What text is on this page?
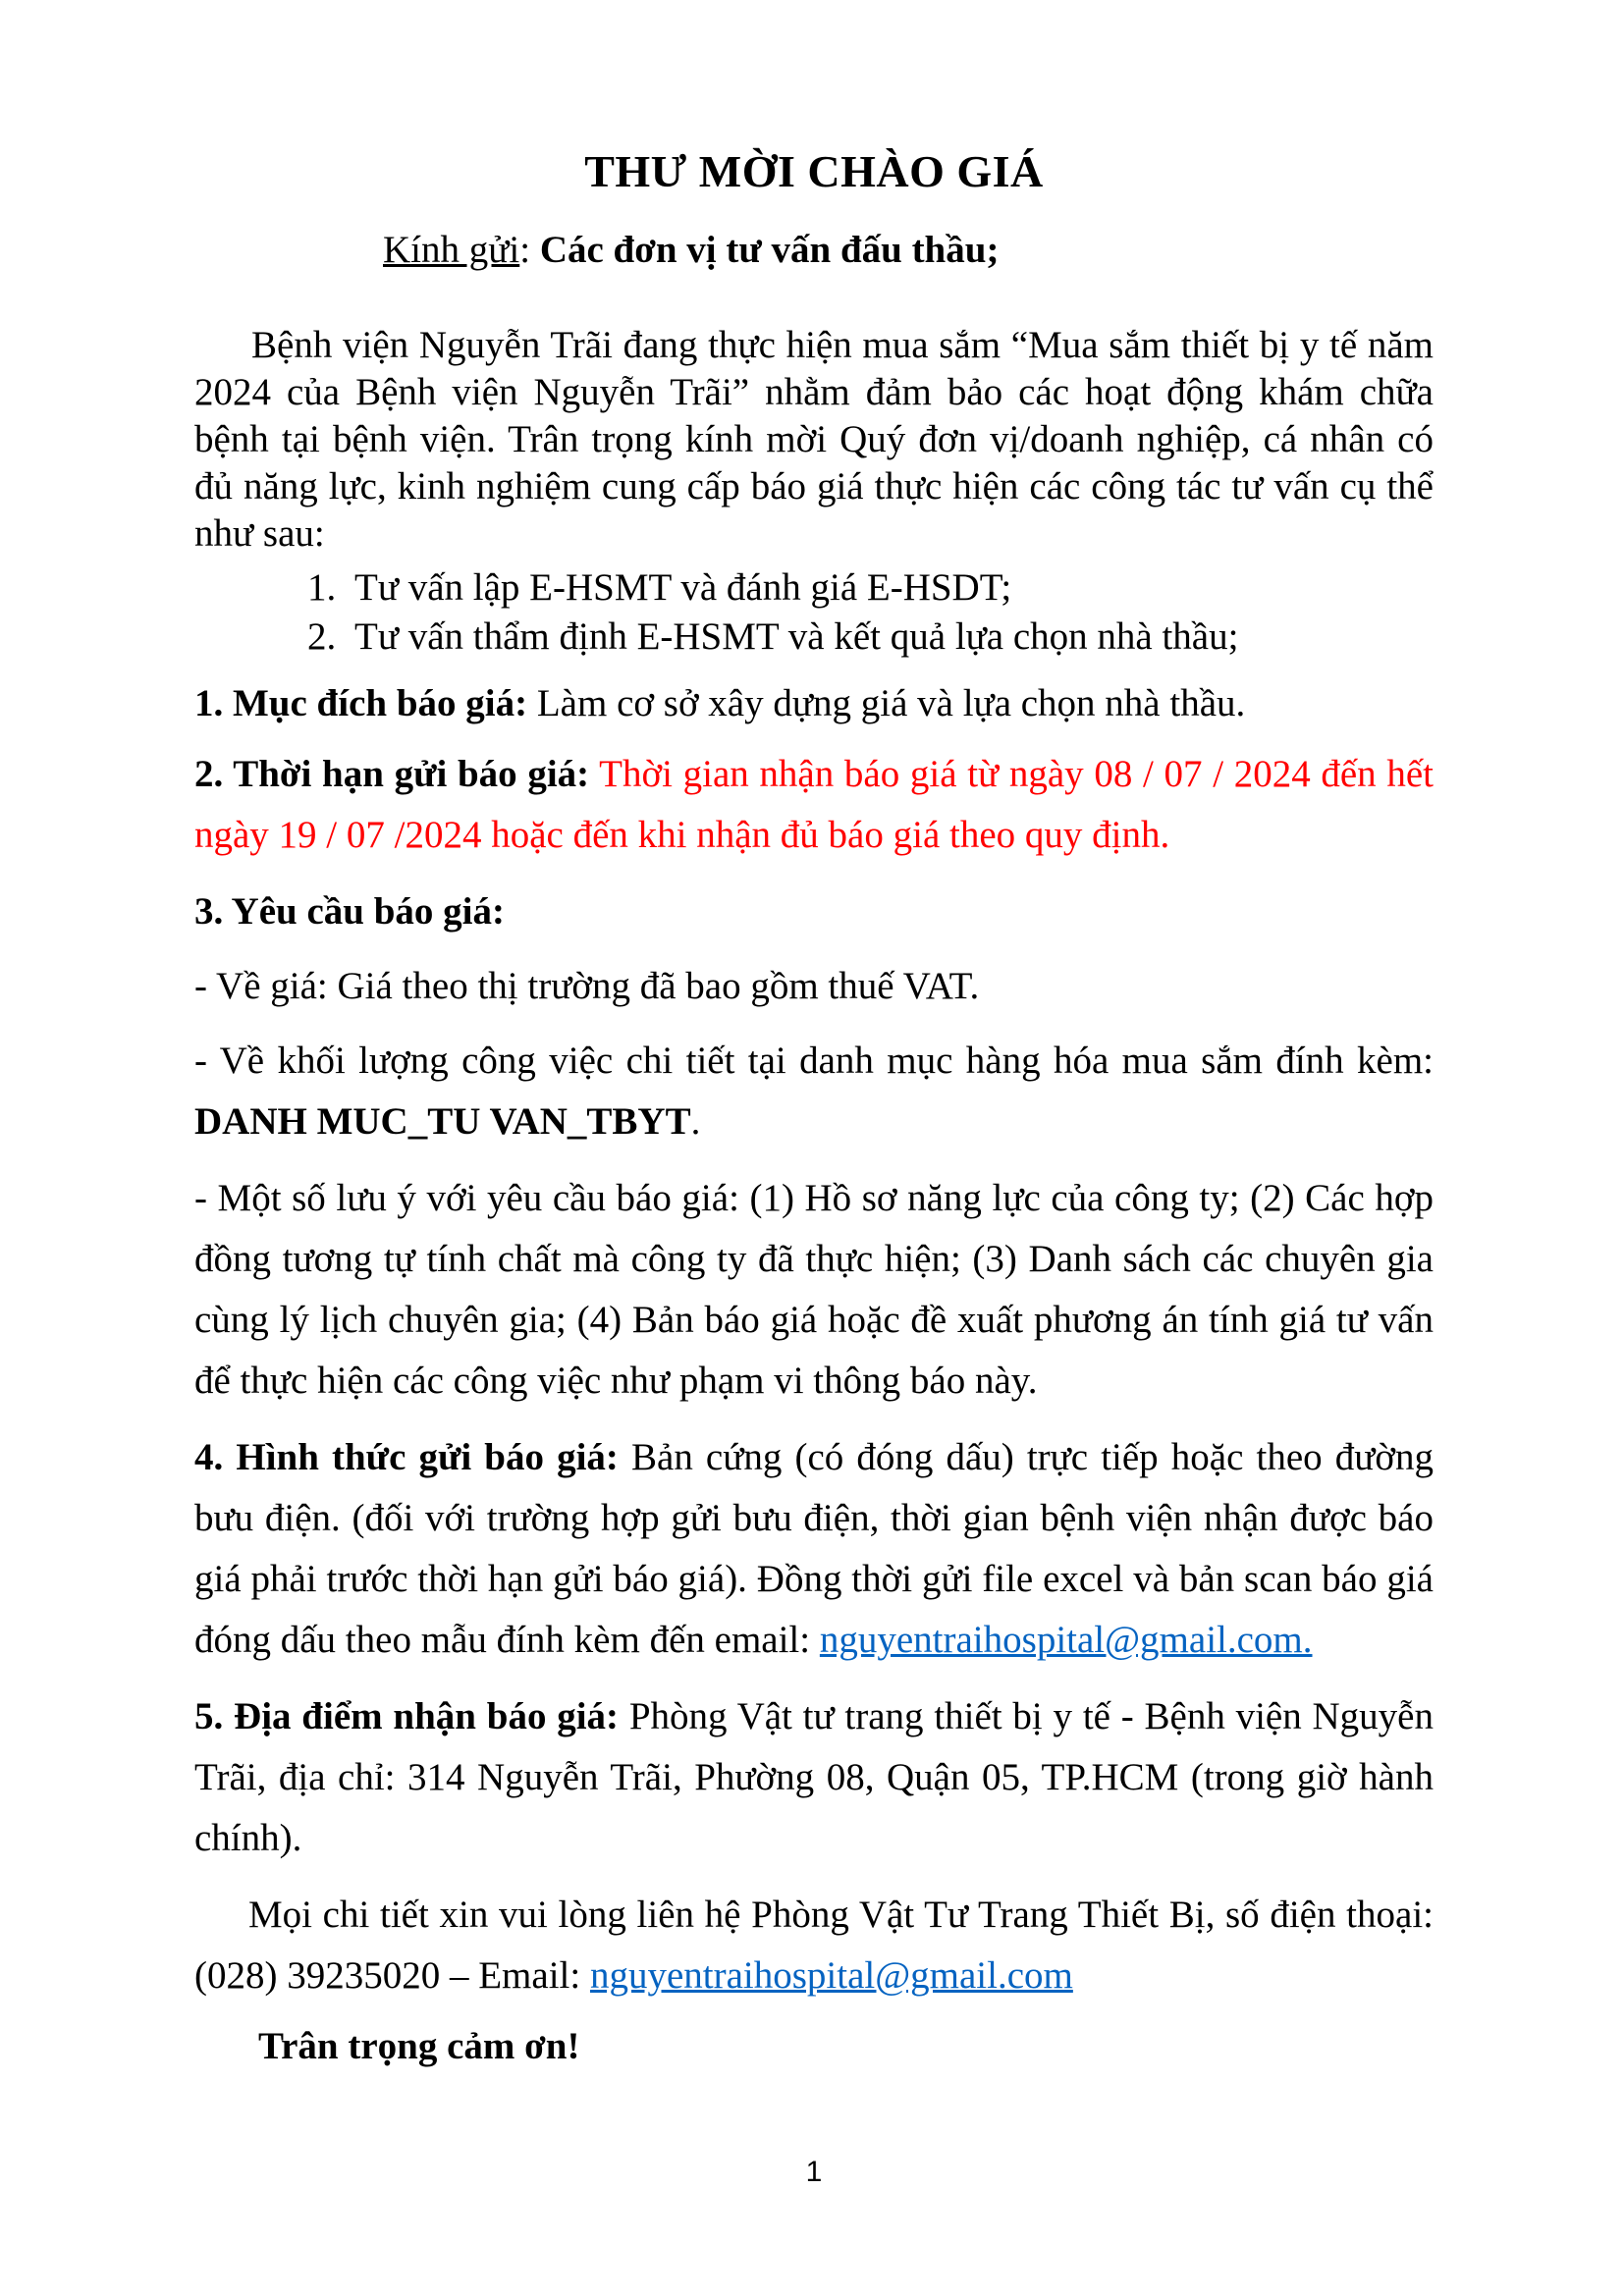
THƯ MỜI CHÀO GIÁ
Kính gửi: Các đơn vị tư vấn đấu thầu;

Bệnh viện Nguyễn Trãi đang thực hiện mua sắm “Mua sắm thiết bị y tế năm 2024 của Bệnh viện Nguyễn Trãi” nhằm đảm bảo các hoạt động khám chữa bệnh tại bệnh viện. Trân trọng kính mời Quý đơn vị/doanh nghiệp, cá nhân có đủ năng lực, kinh nghiệm cung cấp báo giá thực hiện các công tác tư vấn cụ thể như sau:

1. Tư vấn lập E-HSMT và đánh giá E-HSDT;
2. Tư vấn thẩm định E-HSMT và kết quả lựa chọn nhà thầu;

1. Mục đích báo giá: Làm cơ sở xây dựng giá và lựa chọn nhà thầu.

2. Thời hạn gửi báo giá: Thời gian nhận báo giá từ ngày 08 / 07 / 2024 đến hết ngày 19 / 07 /2024 hoặc đến khi nhận đủ báo giá theo quy định.

3. Yêu cầu báo giá:

- Về giá: Giá theo thị trường đã bao gồm thuế VAT.

- Về khối lượng công việc chi tiết tại danh mục hàng hóa mua sắm đính kèm: DANH MUC_TU VAN_TBYT.

- Một số lưu ý với yêu cầu báo giá: (1) Hồ sơ năng lực của công ty; (2) Các hợp đồng tương tự tính chất mà công ty đã thực hiện; (3) Danh sách các chuyên gia cùng lý lịch chuyên gia; (4) Bản báo giá hoặc đề xuất phương án tính giá tư vấn để thực hiện các công việc như phạm vi thông báo này.

4. Hình thức gửi báo giá: Bản cứng (có đóng dấu) trực tiếp hoặc theo đường bưu điện. (đối với trường hợp gửi bưu điện, thời gian bệnh viện nhận được báo giá phải trước thời hạn gửi báo giá). Đồng thời gửi file excel và bản scan báo giá đóng dấu theo mẫu đính kèm đến email: nguyentraihospital@gmail.com.

5. Địa điểm nhận báo giá: Phòng Vật tư trang thiết bị y tế - Bệnh viện Nguyễn Trãi, địa chỉ: 314 Nguyễn Trãi, Phường 08, Quận 05, TP.HCM (trong giờ hành chính).

Mọi chi tiết xin vui lòng liên hệ Phòng Vật Tư Trang Thiết Bị, số điện thoại: (028) 39235020 – Email: nguyentraihospital@gmail.com

Trân trọng cảm ơn!

1
